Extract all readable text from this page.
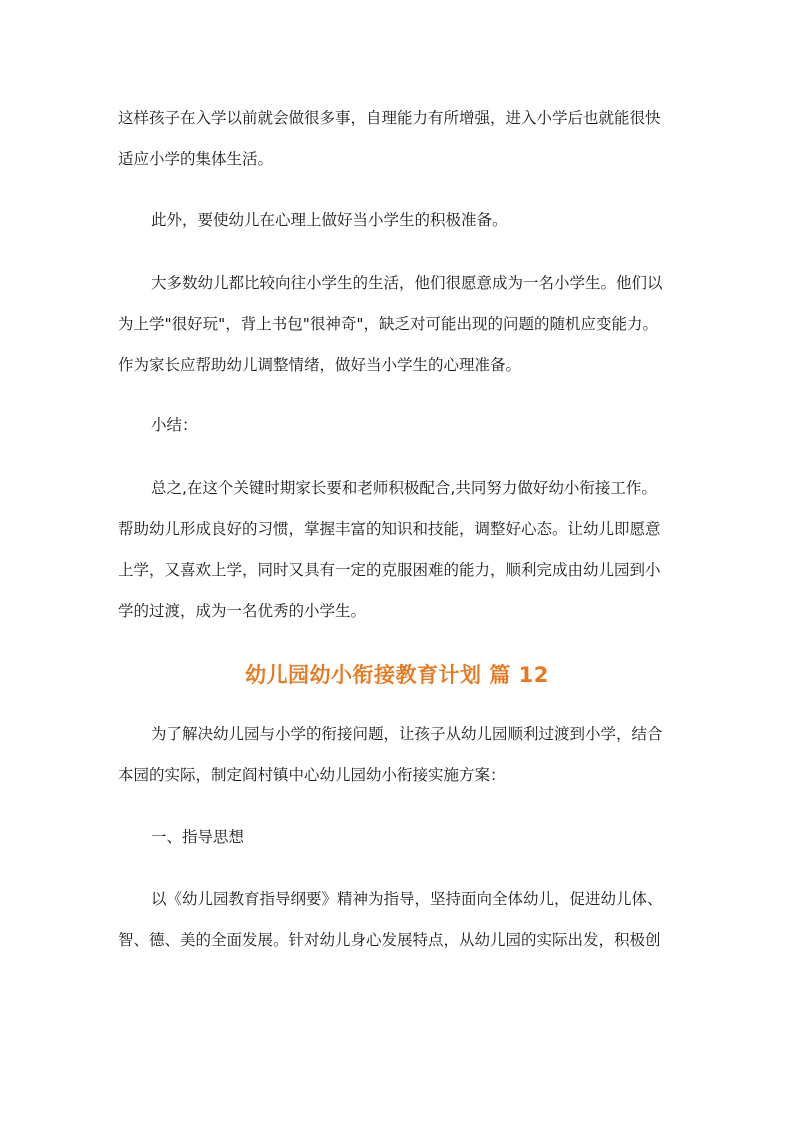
这样孩子在入学以前就会做很多事，自理能力有所增强，进入小学后也就能很快
适应小学的集体生活。
此外，要使幼儿在心理上做好当小学生的积极准备。
大多数幼儿都比较向往小学生的生活，他们很愿意成为一名小学生。他们以
为上学"很好玩"，背上书包"很神奇"，缺乏对可能出现的问题的随机应变能力。
作为家长应帮助幼儿调整情绪，做好当小学生的心理准备。
小结：
总之,在这个关键时期家长要和老师积极配合,共同努力做好幼小衔接工作。
帮助幼儿形成良好的习惯，掌握丰富的知识和技能，调整好心态。让幼儿即愿意
上学，又喜欢上学，同时又具有一定的克服困难的能力，顺利完成由幼儿园到小
学的过渡，成为一名优秀的小学生。
幼儿园幼小衔接教育计划 篇 12
为了解决幼儿园与小学的衔接问题，让孩子从幼儿园顺利过渡到小学，结合
本园的实际，制定阎村镇中心幼儿园幼小衔接实施方案：
一、指导思想
以《幼儿园教育指导纲要》精神为指导，坚持面向全体幼儿，促进幼儿体、
智、德、美的全面发展。针对幼儿身心发展特点，从幼儿园的实际出发，积极创
